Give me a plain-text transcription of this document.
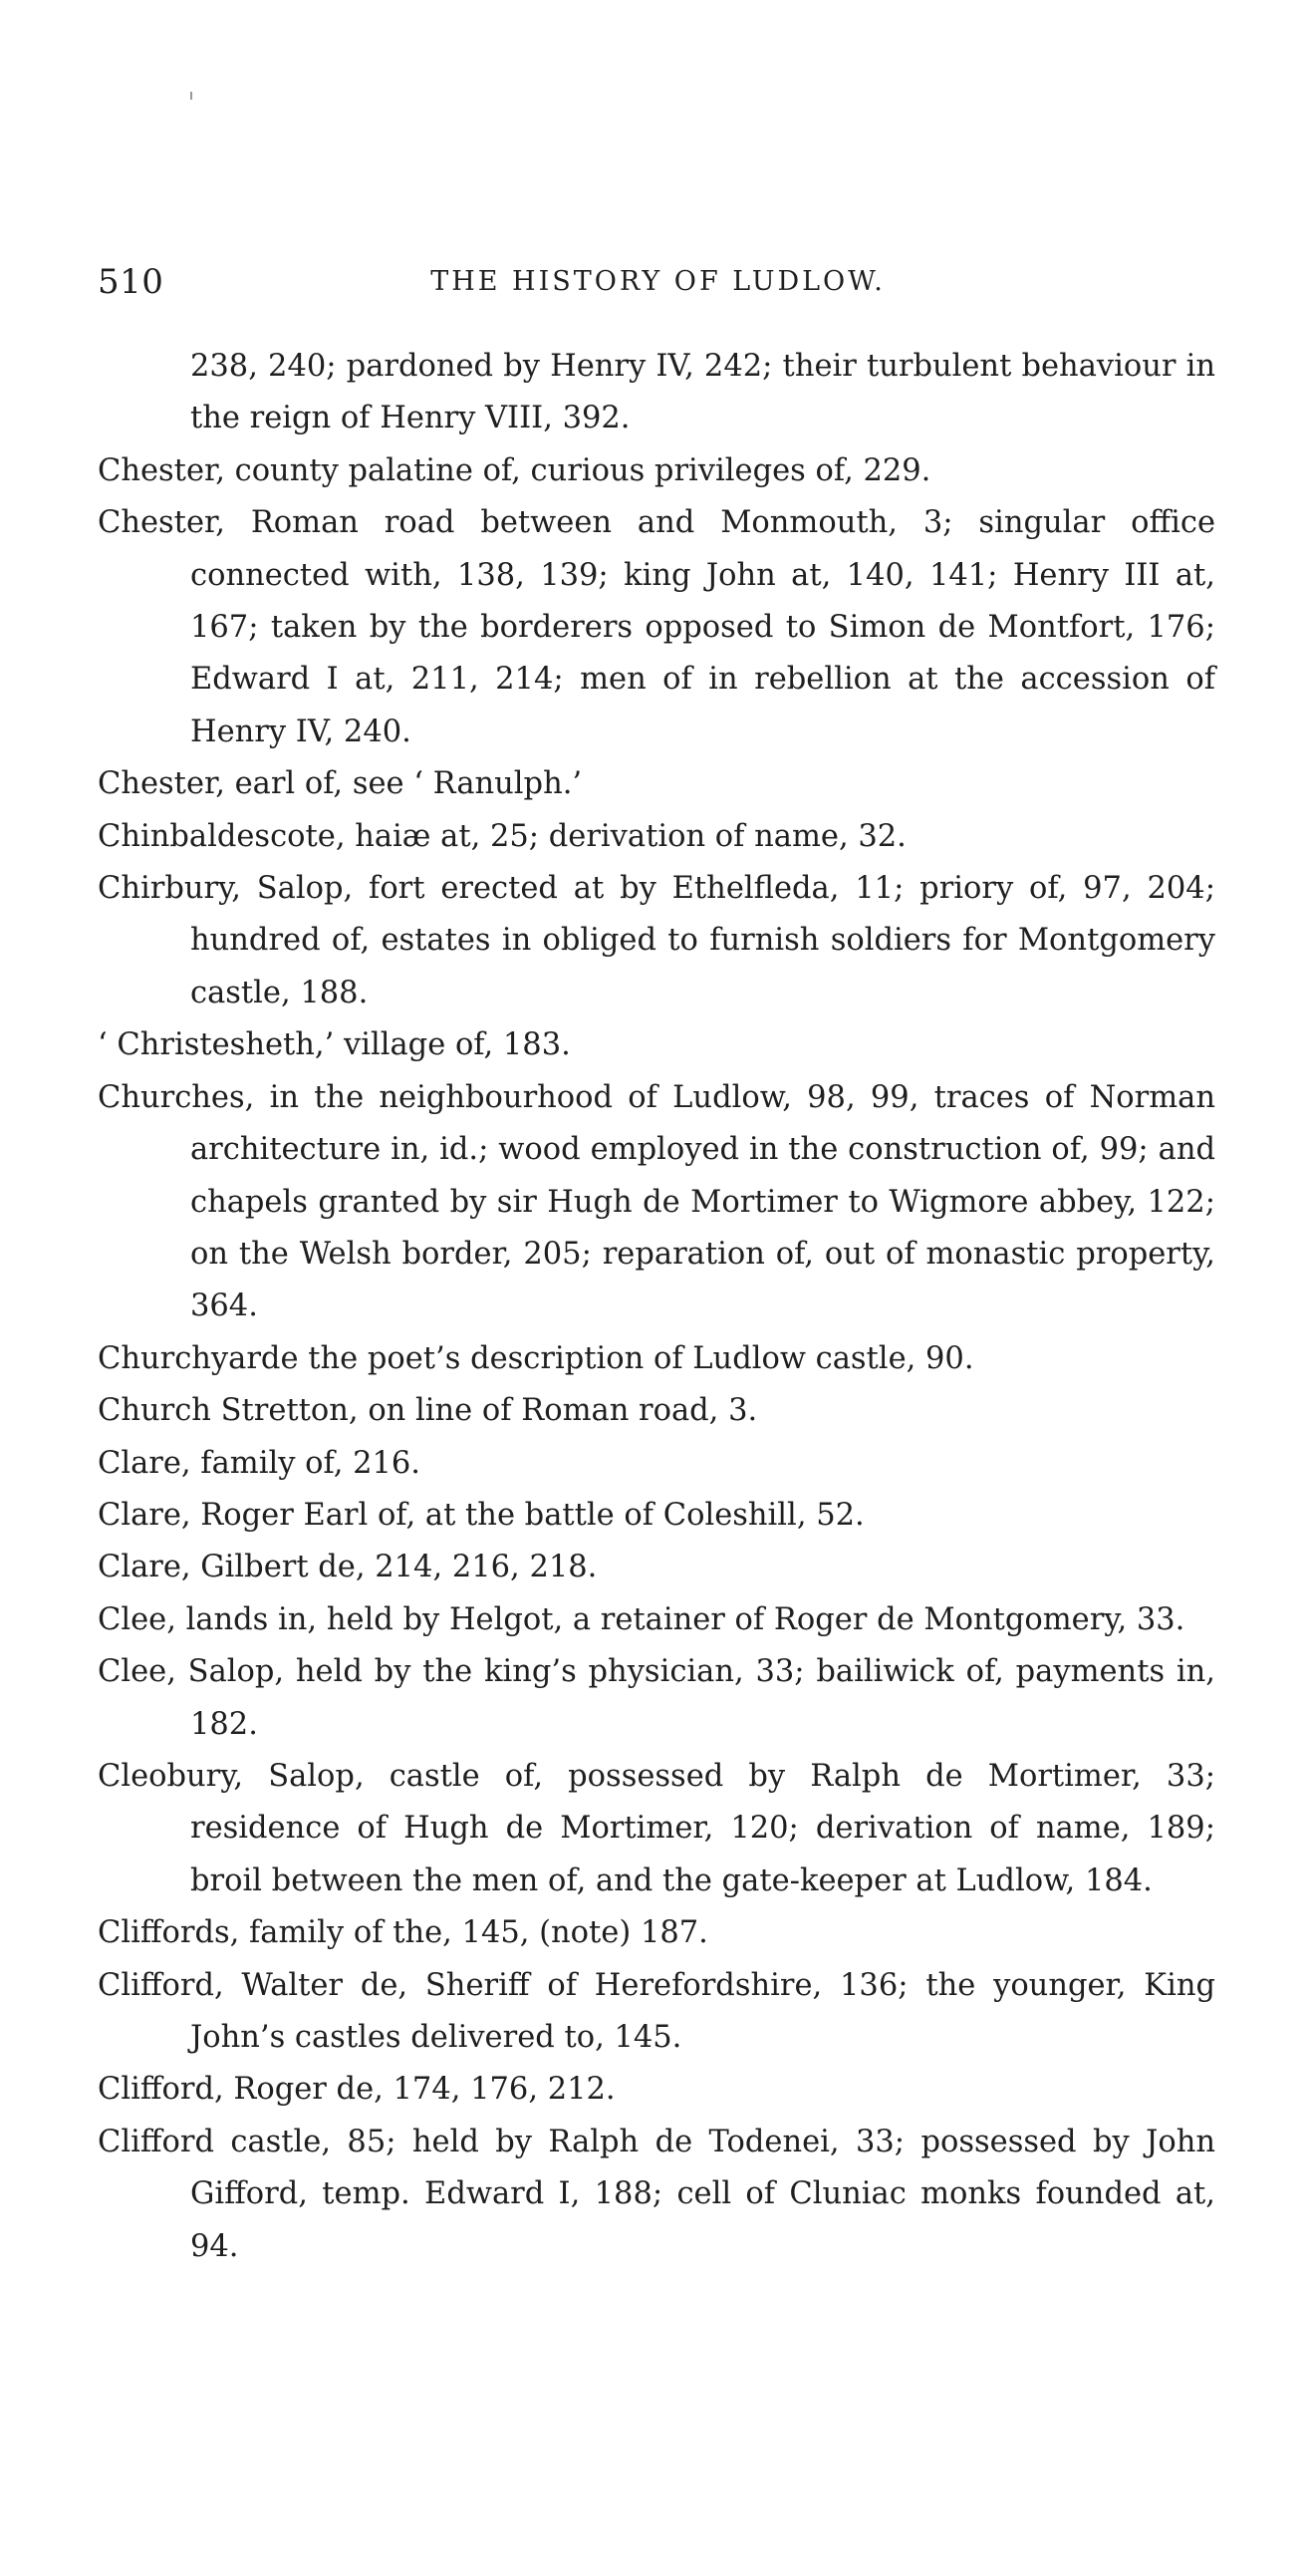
510	THE HISTORY OF LUDLOW.

238, 240; pardoned by Henry IV, 242; their turbulent behaviour in the reign of Henry VIII, 392.

Chester, county palatine of, curious privileges of, 229.

Chester, Roman road between and Monmouth, 3; singular office connected with, 138, 139; king John at, 140, 141; Henry III at, 167; taken by the borderers opposed to Simon de Montfort, 176; Edward I at, 211, 214; men of in rebellion at the accession of Henry IV, 240.

Chester, earl of, see ‘ Ranulph.’

Chinbaldescote, haiæ at, 25; derivation of name, 32.

Chirbury, Salop, fort erected at by Ethelfleda, 11; priory of, 97, 204; hundred of, estates in obliged to furnish soldiers for Montgomery castle, 188.

‘ Christesheth,’ village of, 183.

Churches, in the neighbourhood of Ludlow, 98, 99, traces of Norman architecture in, id.; wood employed in the construction of, 99; and chapels granted by sir Hugh de Mortimer to Wigmore abbey, 122; on the Welsh border, 205; reparation of, out of monastic property, 364.

Churchyarde the poet’s description of Ludlow castle, 90.

Church Stretton, on line of Roman road, 3.

Clare, family of, 216.

Clare, Roger Earl of, at the battle of Coleshill, 52.

Clare, Gilbert de, 214, 216, 218.

Clee, lands in, held by Helgot, a retainer of Roger de Montgomery, 33.

Clee, Salop, held by the king’s physician, 33; bailiwick of, payments in, 182.

Cleobury, Salop, castle of, possessed by Ralph de Mortimer, 33; residence of Hugh de Mortimer, 120; derivation of name, 189; broil between the men of, and the gate-keeper at Ludlow, 184.

Cliffords, family of the, 145, (note) 187.

Clifford, Walter de, Sheriff of Herefordshire, 136; the younger, King John’s castles delivered to, 145.

Clifford, Roger de, 174, 176, 212.

Clifford castle, 85; held by Ralph de Todenei, 33; possessed by John Gifford, temp. Edward I, 188; cell of Cluniac monks founded at, 94.
